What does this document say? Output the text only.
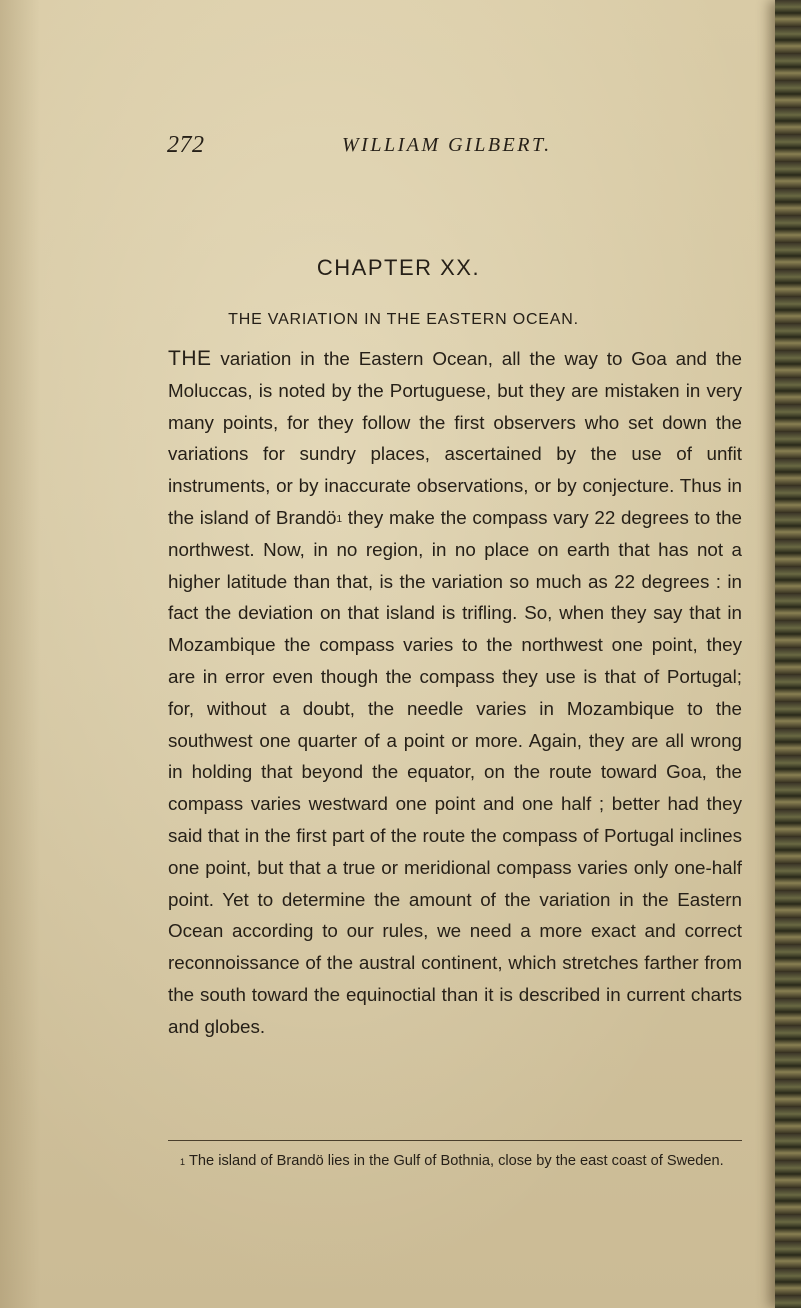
272	WILLIAM GILBERT.
CHAPTER XX.
THE VARIATION IN THE EASTERN OCEAN.

THE variation in the Eastern Ocean, all the way to Goa and the Moluccas, is noted by the Portuguese, but they are mistaken in very many points, for they follow the first observers who set down the variations for sundry places, ascertained by the use of unfit instruments, or by inaccurate observations, or by conjecture. Thus in the island of Brandö$^1$ they make the compass vary 22 degrees to the northwest. Now, in no region, in no place on earth that has not a higher latitude than that, is the variation so much as 22 degrees : in fact the deviation on that island is trifling. So, when they say that in Mozambique the compass varies to the northwest one point, they are in error even though the compass they use is that of Portugal; for, without a doubt, the needle varies in Mozambique to the southwest one quarter of a point or more. Again, they are all wrong in holding that beyond the equator, on the route toward Goa, the compass varies westward one point and one half ; better had they said that in the first part of the route the compass of Portugal inclines one point, but that a true or meridional compass varies only one-half point. Yet to determine the amount of the variation in the Eastern Ocean according to our rules, we need a more exact and correct reconnoissance of the austral continent, which stretches farther from the south toward the equinoctial than it is described in current charts and globes.

$^1$ The island of Brandö lies in the Gulf of Bothnia, close by the east coast of Sweden.
